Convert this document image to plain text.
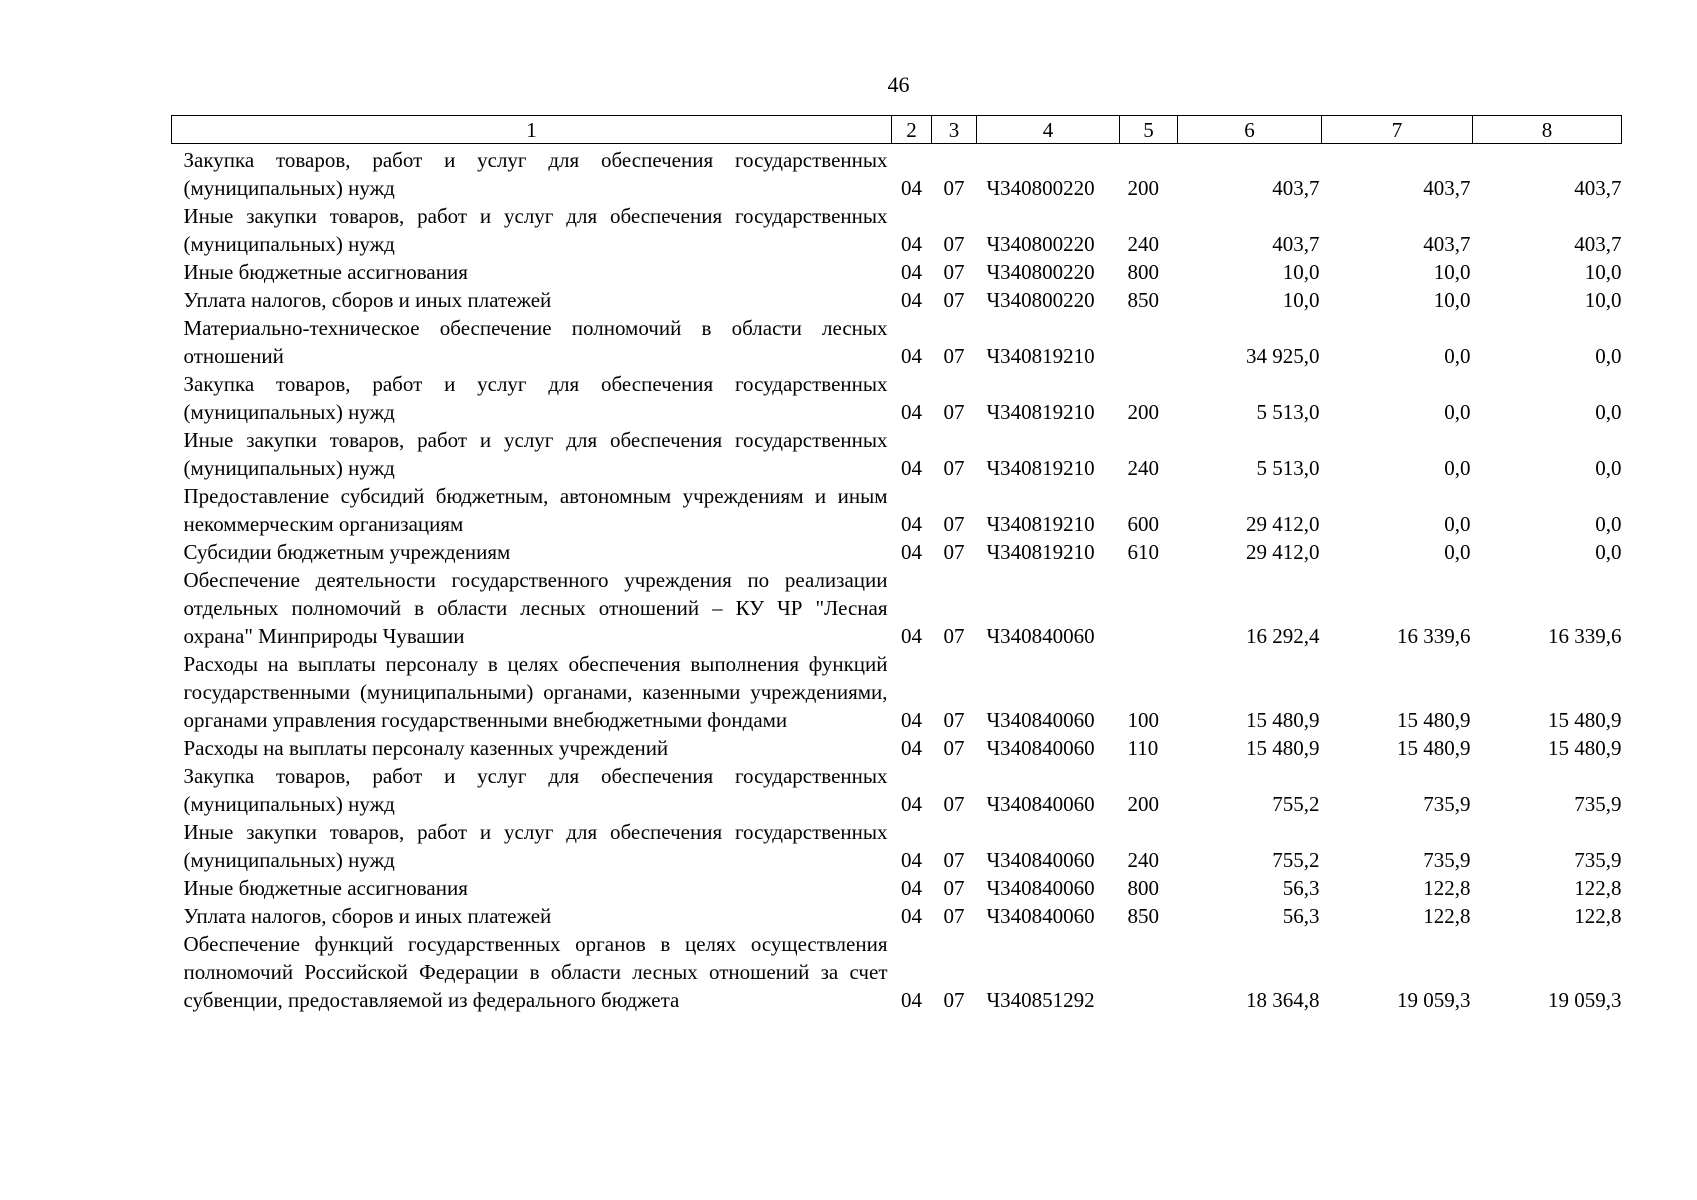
46
1	2	3	4	5	6	7	8
Закупка товаров, работ и услуг для обеспечения государственных (муниципальных) нужд	04	07	Ч340800220	200	403,7	403,7	403,7
Иные закупки товаров, работ и услуг для обеспечения государственных (муниципальных) нужд	04	07	Ч340800220	240	403,7	403,7	403,7
Иные бюджетные ассигнования	04	07	Ч340800220	800	10,0	10,0	10,0
Уплата налогов, сборов и иных платежей	04	07	Ч340800220	850	10,0	10,0	10,0
Материально-техническое обеспечение полномочий в области лесных отношений	04	07	Ч340819210		34 925,0	0,0	0,0
Закупка товаров, работ и услуг для обеспечения государственных (муниципальных) нужд	04	07	Ч340819210	200	5 513,0	0,0	0,0
Иные закупки товаров, работ и услуг для обеспечения государственных (муниципальных) нужд	04	07	Ч340819210	240	5 513,0	0,0	0,0
Предоставление субсидий бюджетным, автономным учреждениям и иным некоммерческим организациям	04	07	Ч340819210	600	29 412,0	0,0	0,0
Субсидии бюджетным учреждениям	04	07	Ч340819210	610	29 412,0	0,0	0,0
Обеспечение деятельности государственного учреждения по реализации отдельных полномочий в области лесных отношений – КУ ЧР "Лесная охрана" Минприроды Чувашии	04	07	Ч340840060		16 292,4	16 339,6	16 339,6
Расходы на выплаты персоналу в целях обеспечения выполнения функций государственными (муниципальными) органами, казенными учреждениями, органами управления государственными внебюджетными фондами	04	07	Ч340840060	100	15 480,9	15 480,9	15 480,9
Расходы на выплаты персоналу казенных учреждений	04	07	Ч340840060	110	15 480,9	15 480,9	15 480,9
Закупка товаров, работ и услуг для обеспечения государственных (муниципальных) нужд	04	07	Ч340840060	200	755,2	735,9	735,9
Иные закупки товаров, работ и услуг для обеспечения государственных (муниципальных) нужд	04	07	Ч340840060	240	755,2	735,9	735,9
Иные бюджетные ассигнования	04	07	Ч340840060	800	56,3	122,8	122,8
Уплата налогов, сборов и иных платежей	04	07	Ч340840060	850	56,3	122,8	122,8
Обеспечение функций государственных органов в целях осуществления полномочий Российской Федерации в области лесных отношений за счет субвенции, предоставляемой из федерального бюджета	04	07	Ч340851292		18 364,8	19 059,3	19 059,3
